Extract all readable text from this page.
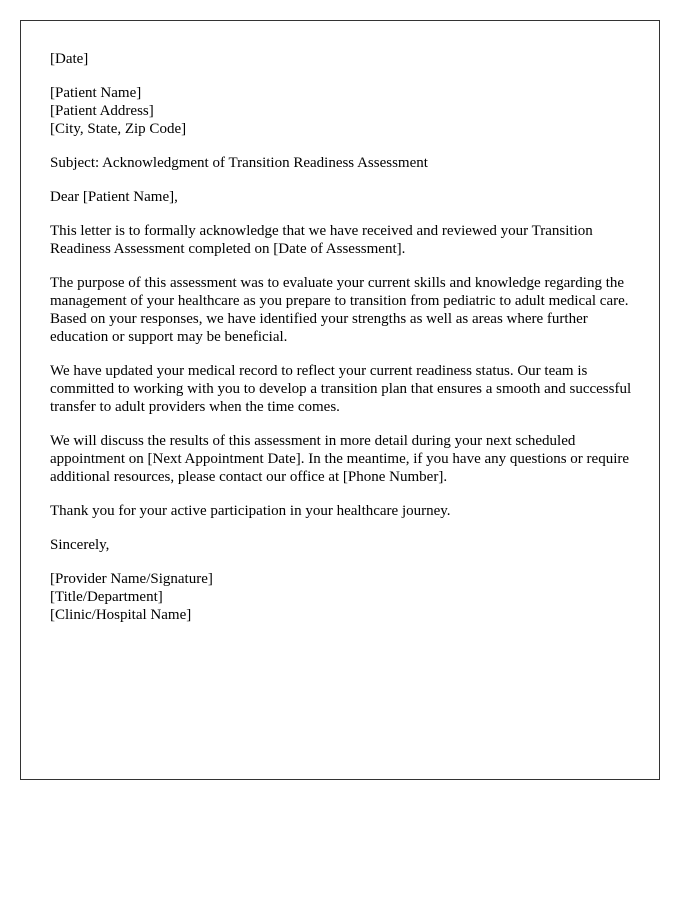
[Date]

[Patient Name]
[Patient Address]
[City, State, Zip Code]

Subject: Acknowledgment of Transition Readiness Assessment

Dear [Patient Name],

This letter is to formally acknowledge that we have received and reviewed your Transition Readiness Assessment completed on [Date of Assessment].

The purpose of this assessment was to evaluate your current skills and knowledge regarding the management of your healthcare as you prepare to transition from pediatric to adult medical care. Based on your responses, we have identified your strengths as well as areas where further education or support may be beneficial.

We have updated your medical record to reflect your current readiness status. Our team is committed to working with you to develop a transition plan that ensures a smooth and successful transfer to adult providers when the time comes.

We will discuss the results of this assessment in more detail during your next scheduled appointment on [Next Appointment Date]. In the meantime, if you have any questions or require additional resources, please contact our office at [Phone Number].

Thank you for your active participation in your healthcare journey.

Sincerely,

[Provider Name/Signature]
[Title/Department]
[Clinic/Hospital Name]
